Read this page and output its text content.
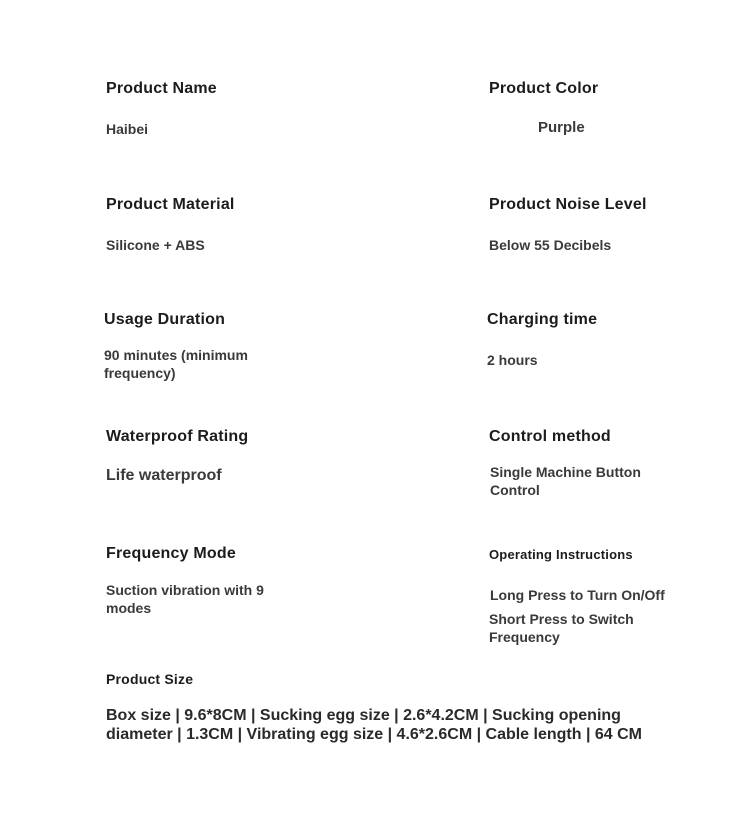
Product Name
Haibei
Product Color
Purple
Product Material
Silicone + ABS
Product Noise Level
Below 55 Decibels
Usage Duration
90 minutes (minimum frequency)
Charging time
2 hours
Waterproof Rating
Life waterproof
Control method
Single Machine Button Control
Frequency Mode
Suction vibration with 9 modes
Operating Instructions
Long Press to Turn On/Off
Short Press to Switch Frequency
Product Size
Box size | 9.6*8CM | Sucking egg size | 2.6*4.2CM | Sucking opening diameter | 1.3CM | Vibrating egg size | 4.6*2.6CM | Cable length | 64 CM
